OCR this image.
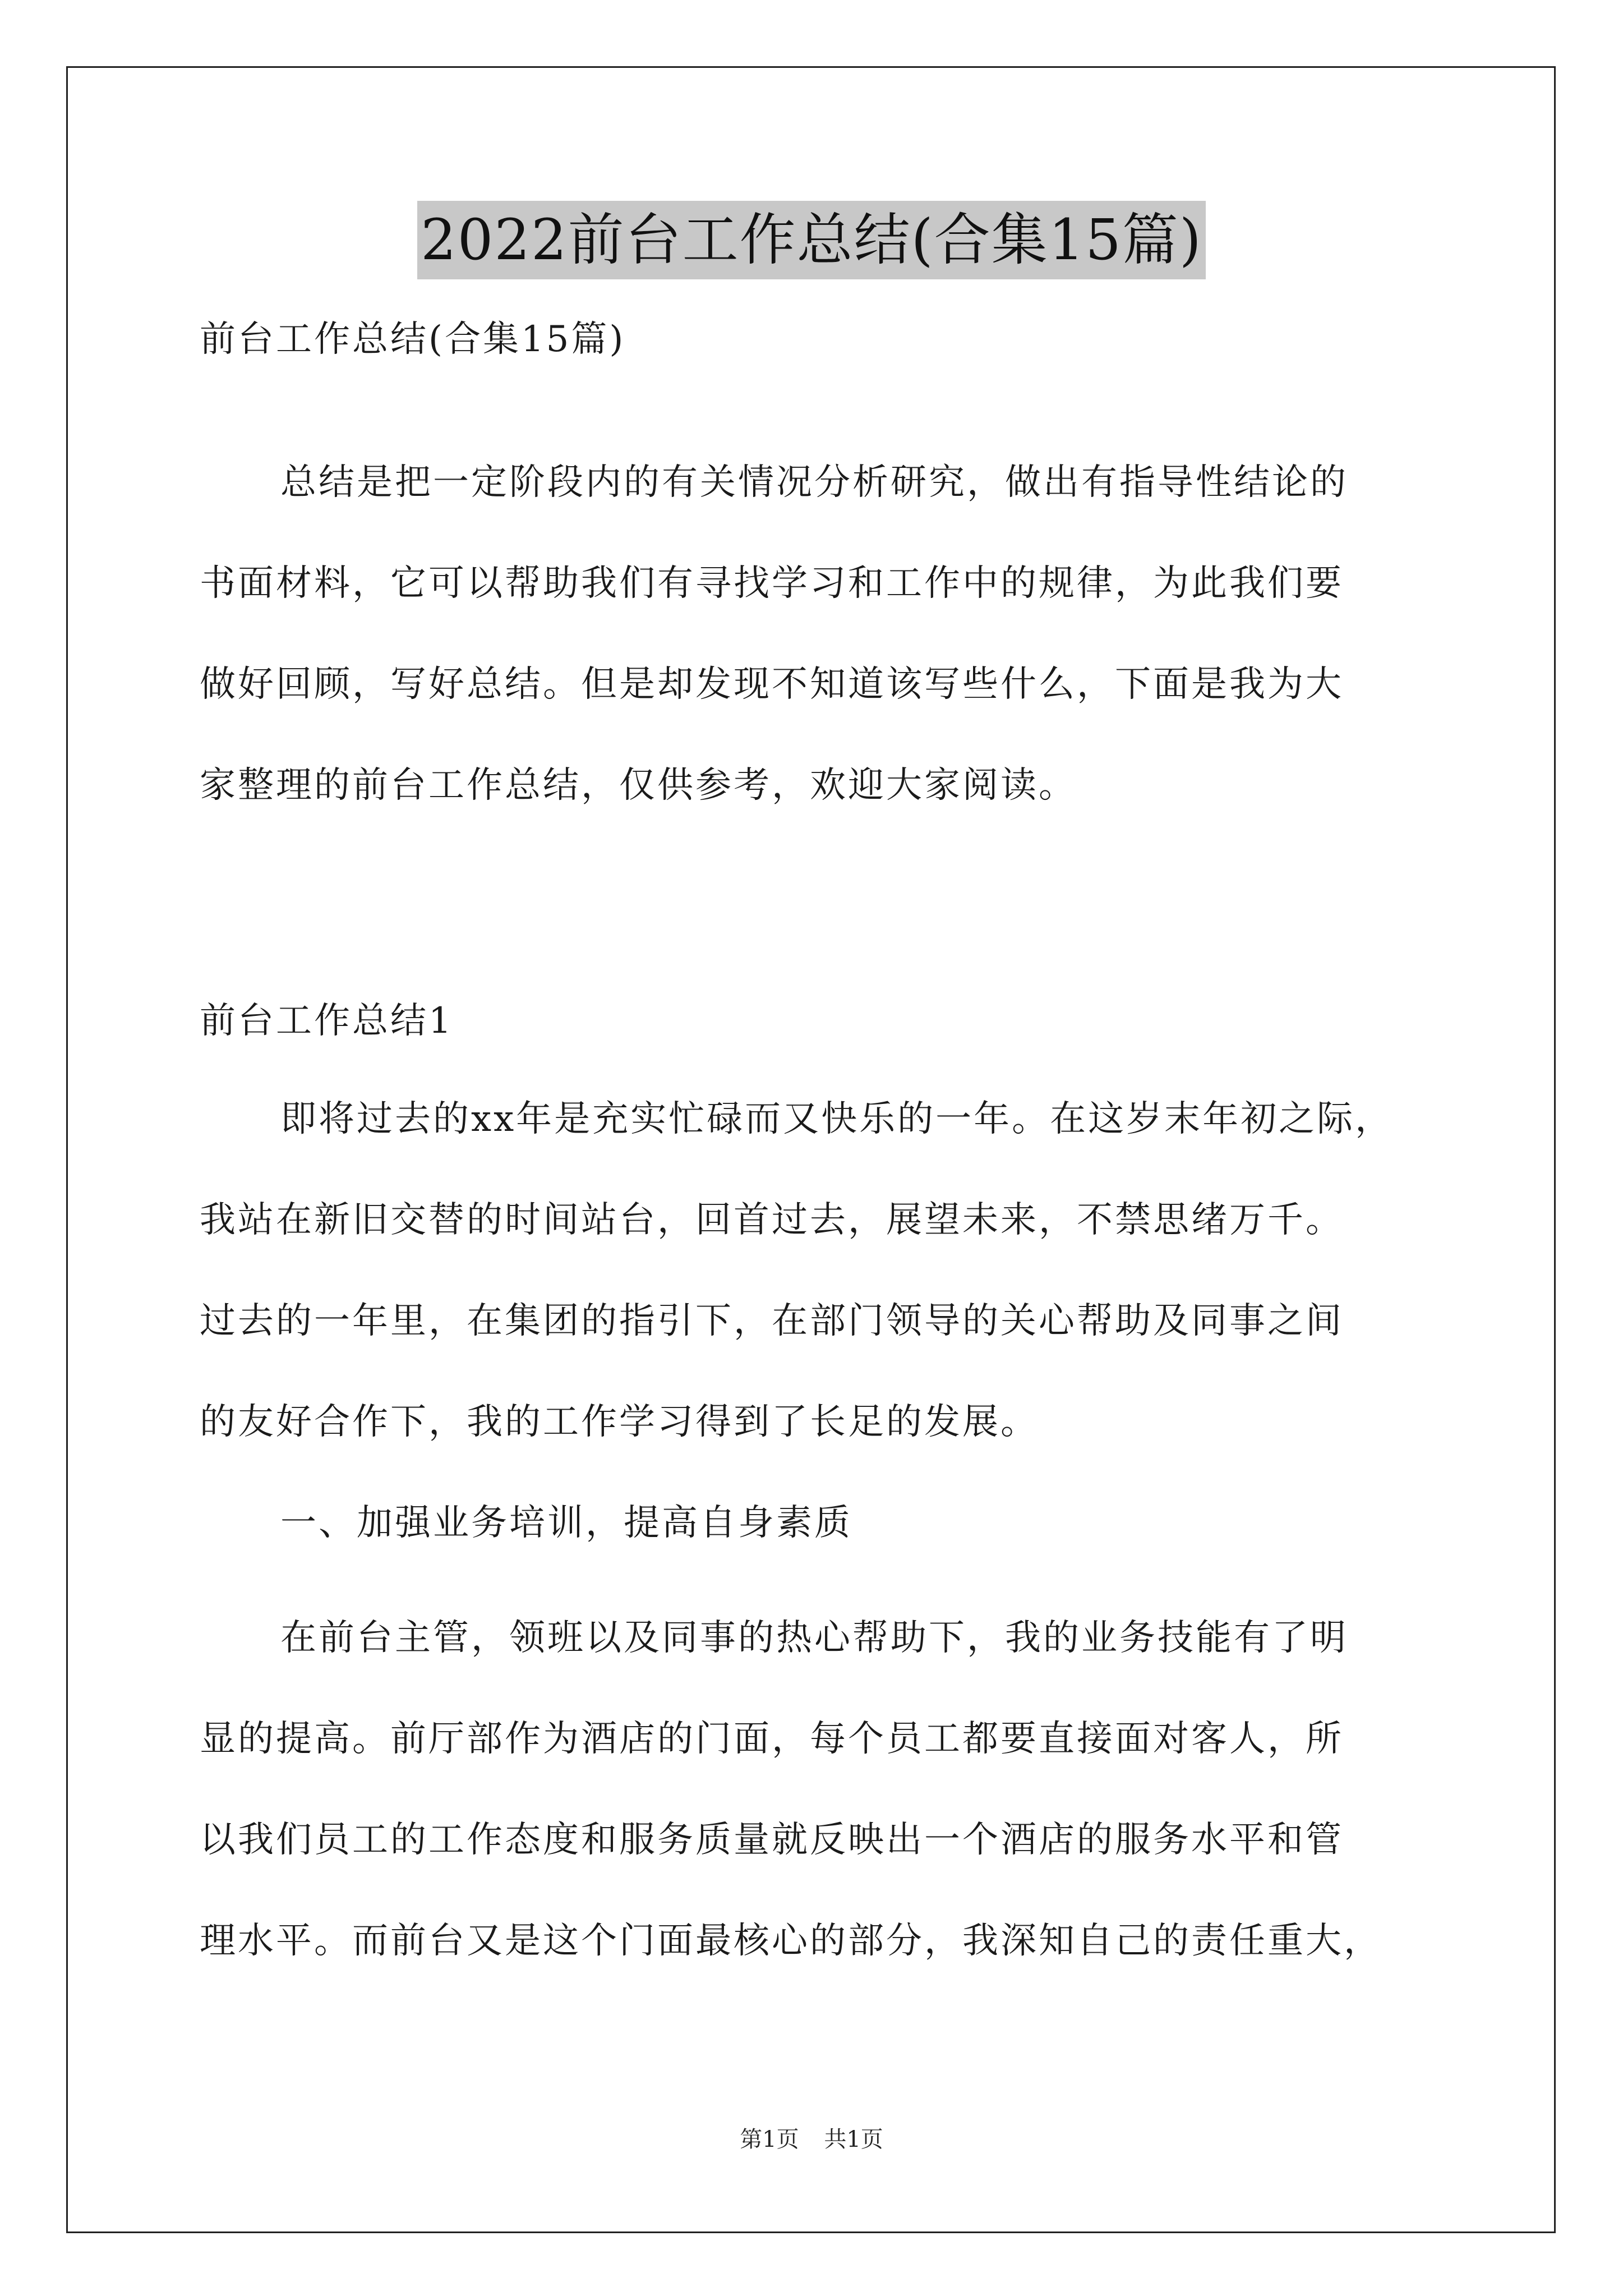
2022前台工作总结(合集15篇)
前台工作总结(合集15篇)
总结是把一定阶段内的有关情况分析研究，做出有指导性结论的
书面材料，它可以帮助我们有寻找学习和工作中的规律，为此我们要
做好回顾，写好总结。但是却发现不知道该写些什么，下面是我为大
家整理的前台工作总结，仅供参考，欢迎大家阅读。
前台工作总结1
即将过去的xx年是充实忙碌而又快乐的一年。在这岁末年初之际，
我站在新旧交替的时间站台，回首过去，展望未来，不禁思绪万千。
过去的一年里，在集团的指引下，在部门领导的关心帮助及同事之间
的友好合作下，我的工作学习得到了长足的发展。
一、加强业务培训，提高自身素质
在前台主管，领班以及同事的热心帮助下，我的业务技能有了明
显的提高。前厅部作为酒店的门面，每个员工都要直接面对客人，所
以我们员工的工作态度和服务质量就反映出一个酒店的服务水平和管
理水平。而前台又是这个门面最核心的部分，我深知自己的责任重大，
第1页 共1页
